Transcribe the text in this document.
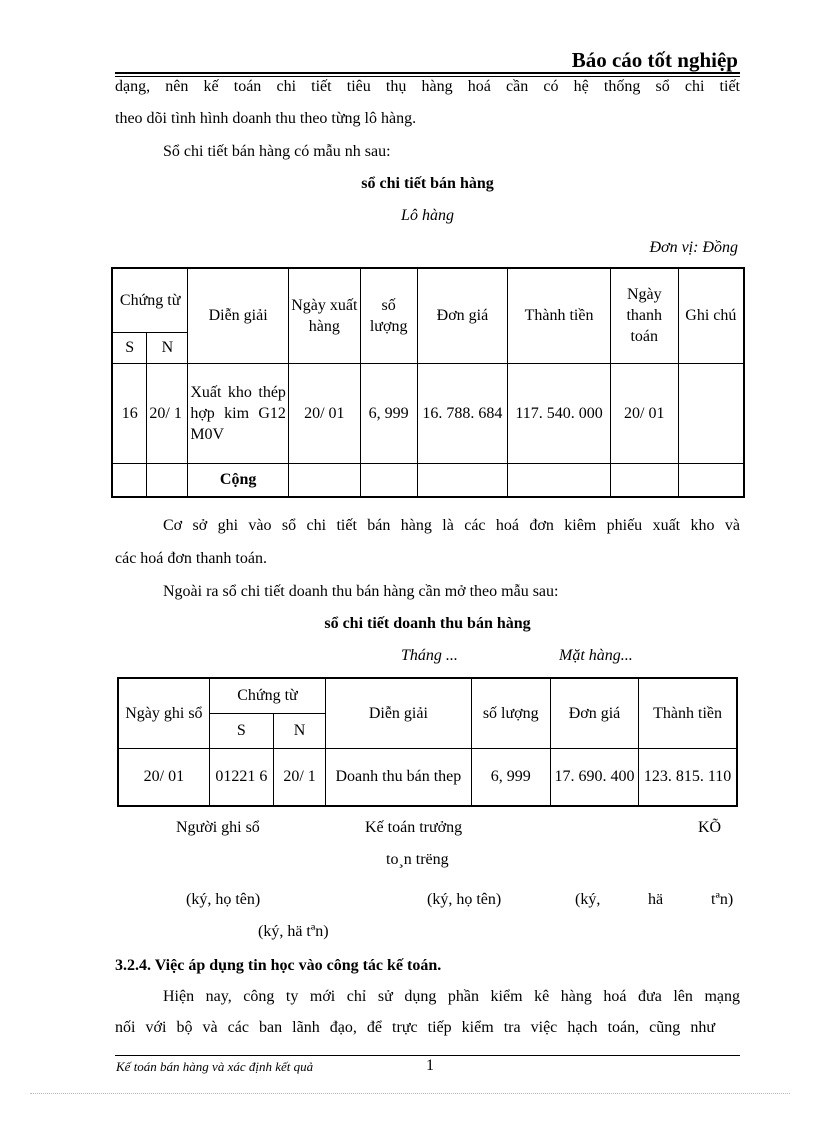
Báo cáo tốt nghiệp
dạng, nên kế toán chi tiết tiêu thụ hàng hoá cần có hệ thống sổ chi tiết
theo dõi tình hình doanh thu theo từng lô hàng.
Sổ chi tiết bán hàng có mẫu nh sau:
sổ chi tiết bán hàng
Lô hàng
Đơn vị: Đồng
Chứng từ		Diễn giải	Ngày xuất hàng	số lượng	Đơn giá	Thành tiền	Ngày thanh toán	Ghi chú
S	N							
16	20/ 1	Xuất kho thép hợp kim G12 M0V	20/ 01	6, 999	16. 788. 684	117. 540. 000	20/ 01	
		Cộng						
Cơ sở ghi vào sổ chi tiết bán hàng là các hoá đơn kiêm phiếu xuất kho và
các hoá đơn thanh toán.
Ngoài ra sổ chi tiết doanh thu bán hàng cần mở theo mẫu sau:
sổ chi tiết doanh thu bán hàng
Tháng ...	Mặt hàng...
Ngày ghi sổ	Chứng từ		Diễn giải	số lượng	Đơn giá	Thành tiền
	S	N				
20/ 01	01221 6	20/ 1	Doanh thu bán thep	6, 999	17. 690. 400	123. 815. 110
Người ghi sổ	Kế toán trưởng	KÕ
to¸n trëng
(ký, họ tên)	(ký, họ tên)	(ký,	hä	tªn)
(ký, hä tªn)
3.2.4. Việc áp dụng tin học vào công tác kế toán.
Hiện nay, công ty mới chỉ sử dụng phần kiểm kê hàng hoá đưa lên mạng
nối với bộ và các ban lãnh đạo, để trực tiếp kiểm tra việc hạch toán, cũng như
Kế toán bán hàng và xác định kết quả	1
